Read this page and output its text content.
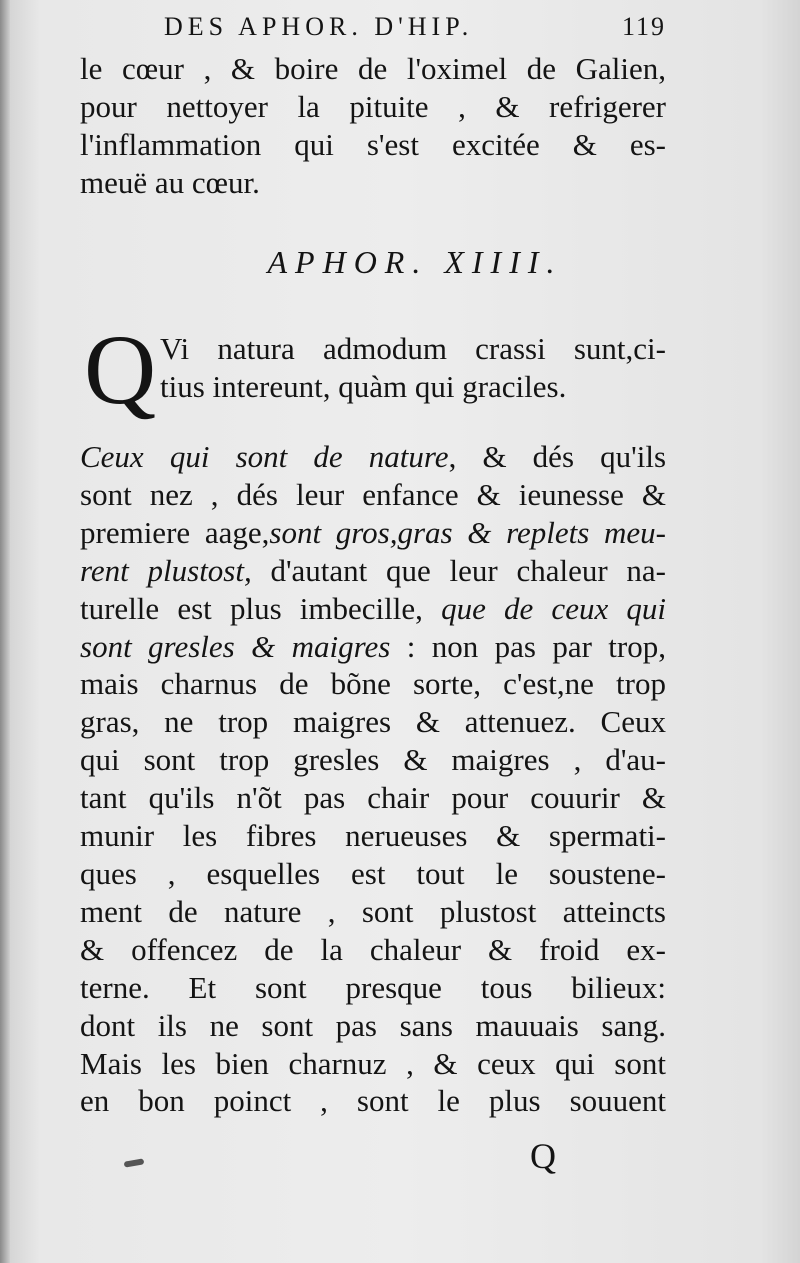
DES APHOR. D'HIP.	119
le cœur , & boire de l'oximel de Galien,
pour nettoyer la pituite , & refrigerer
l'inflammation qui s'est excitée & es-
meuë au cœur.
APHOR. XIIII.
Q Vi natura admodum crassi sunt,ci-
tius intereunt, quàm qui graciles.
Ceux qui sont de nature, & dés qu'ils
sont nez , dés leur enfance & ieunesse &
premiere aage,sont gros,gras & replets meu-
rent plustost, d'autant que leur chaleur na-
turelle est plus imbecille, que de ceux qui
sont gresles & maigres : non pas par trop,
mais charnus de bõne sorte, c'est,ne trop
gras, ne trop maigres & attenuez. Ceux
qui sont trop gresles & maigres , d'au-
tant qu'ils n'õt pas chair pour couurir &
munir les fibres nerueuses & spermati-
ques , esquelles est tout le soustene-
ment de nature , sont plustost atteincts
& offencez de la chaleur & froid ex-
terne. Et sont presque tous bilieux:
dont ils ne sont pas sans mauuais sang.
Mais les bien charnuz , & ceux qui sont
en bon poinct , sont le plus souuent
Q
